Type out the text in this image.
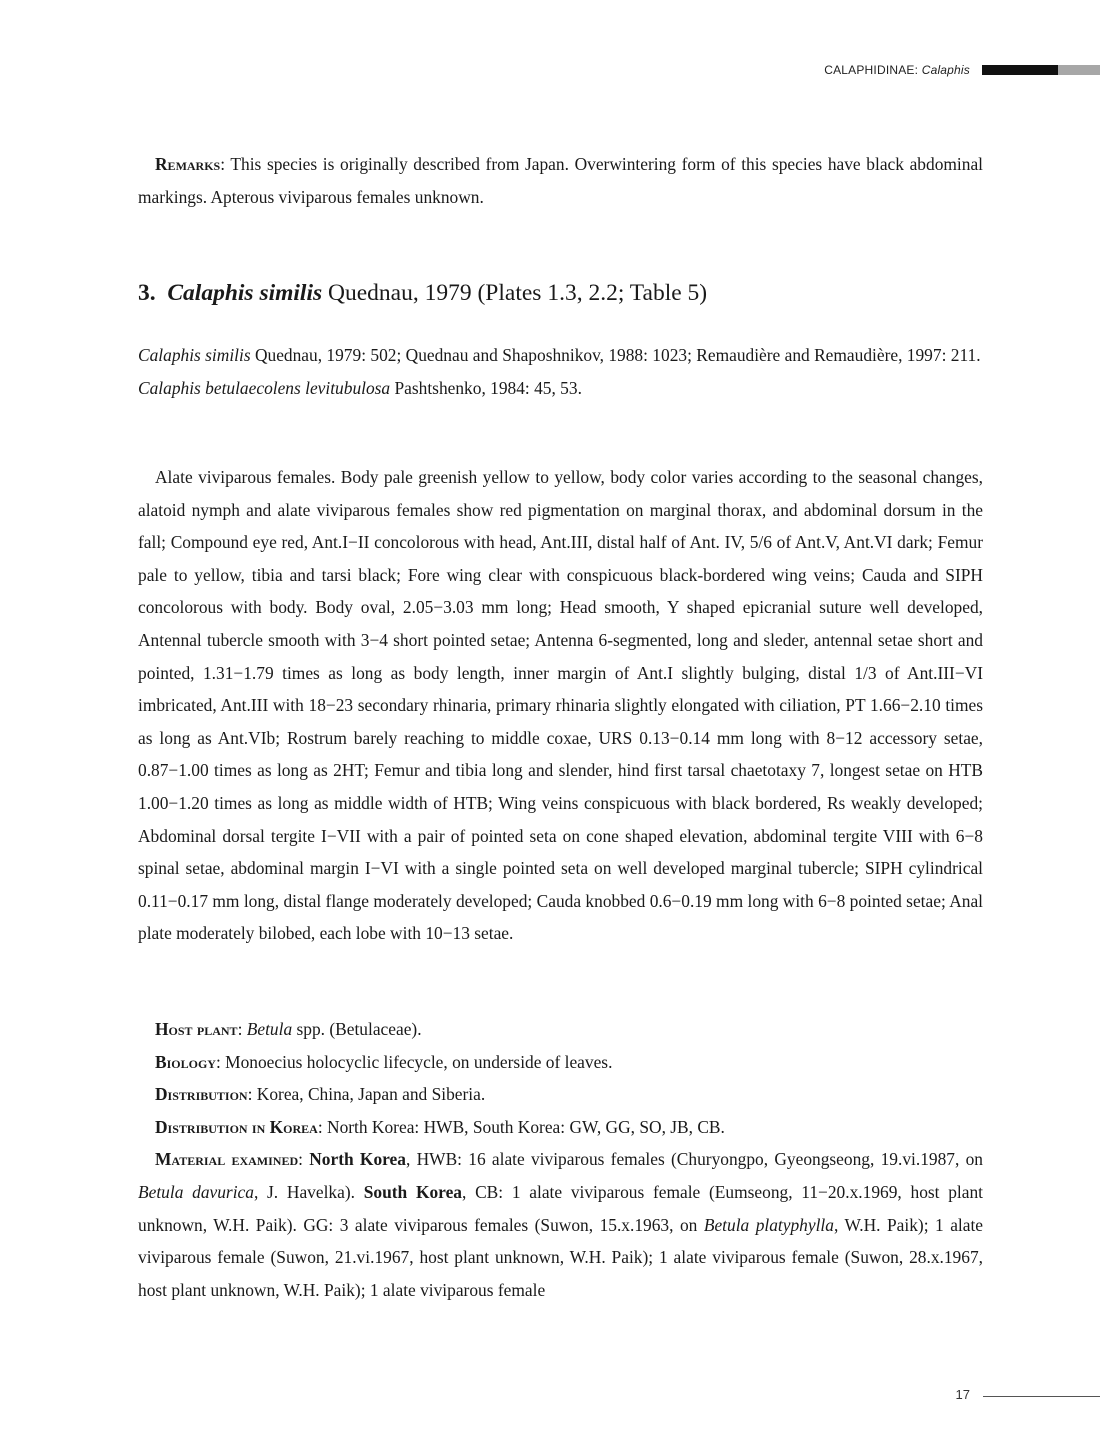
CALAPHIDINAE: Calaphis

Remarks: This species is originally described from Japan. Overwintering form of this species have black abdominal markings. Apterous viviparous females unknown.

3. Calaphis similis Quednau, 1979 (Plates 1.3, 2.2; Table 5)

Calaphis similis Quednau, 1979: 502; Quednau and Shaposhnikov, 1988: 1023; Remaudière and Remaudière, 1997: 211.

Calaphis betulaecolens levitubulosa Pashtshenko, 1984: 45, 53.

Alate viviparous females. Body pale greenish yellow to yellow, body color varies according to the seasonal changes, alatoid nymph and alate viviparous females show red pigmentation on marginal thorax, and abdominal dorsum in the fall; Compound eye red, Ant.I−II concolorous with head, Ant.III, distal half of Ant. IV, 5/6 of Ant.V, Ant.VI dark; Femur pale to yellow, tibia and tarsi black; Fore wing clear with conspicuous black-bordered wing veins; Cauda and SIPH concolorous with body. Body oval, 2.05−3.03 mm long; Head smooth, Y shaped epicranial suture well developed, Antennal tubercle smooth with 3−4 short pointed setae; Antenna 6-segmented, long and sleder, antennal setae short and pointed, 1.31−1.79 times as long as body length, inner margin of Ant.I slightly bulging, distal 1/3 of Ant.III−VI imbricated, Ant.III with 18−23 secondary rhinaria, primary rhinaria slightly elongated with ciliation, PT 1.66−2.10 times as long as Ant.VIb; Rostrum barely reaching to middle coxae, URS 0.13−0.14 mm long with 8−12 accessory setae, 0.87−1.00 times as long as 2HT; Femur and tibia long and slender, hind first tarsal chaetotaxy 7, longest setae on HTB 1.00−1.20 times as long as middle width of HTB; Wing veins conspicuous with black bordered, Rs weakly developed; Abdominal dorsal tergite I−VII with a pair of pointed seta on cone shaped elevation, abdominal tergite VIII with 6−8 spinal setae, abdominal margin I−VI with a single pointed seta on well developed marginal tubercle; SIPH cylindrical 0.11−0.17 mm long, distal flange moderately developed; Cauda knobbed 0.6−0.19 mm long with 6−8 pointed setae; Anal plate moderately bilobed, each lobe with 10−13 setae.

Host plant: Betula spp. (Betulaceae).

Biology: Monoecius holocyclic lifecycle, on underside of leaves.

Distribution: Korea, China, Japan and Siberia.

Distribution in Korea: North Korea: HWB, South Korea: GW, GG, SO, JB, CB.

Material examined: North Korea, HWB: 16 alate viviparous females (Churyongpo, Gyeongseong, 19.vi.1987, on Betula davurica, J. Havelka). South Korea, CB: 1 alate viviparous female (Eumseong, 11−20.x.1969, host plant unknown, W.H. Paik). GG: 3 alate viviparous females (Suwon, 15.x.1963, on Betula platyphylla, W.H. Paik); 1 alate viviparous female (Suwon, 21.vi.1967, host plant unknown, W.H. Paik); 1 alate viviparous female (Suwon, 28.x.1967, host plant unknown, W.H. Paik); 1 alate viviparous female

17
